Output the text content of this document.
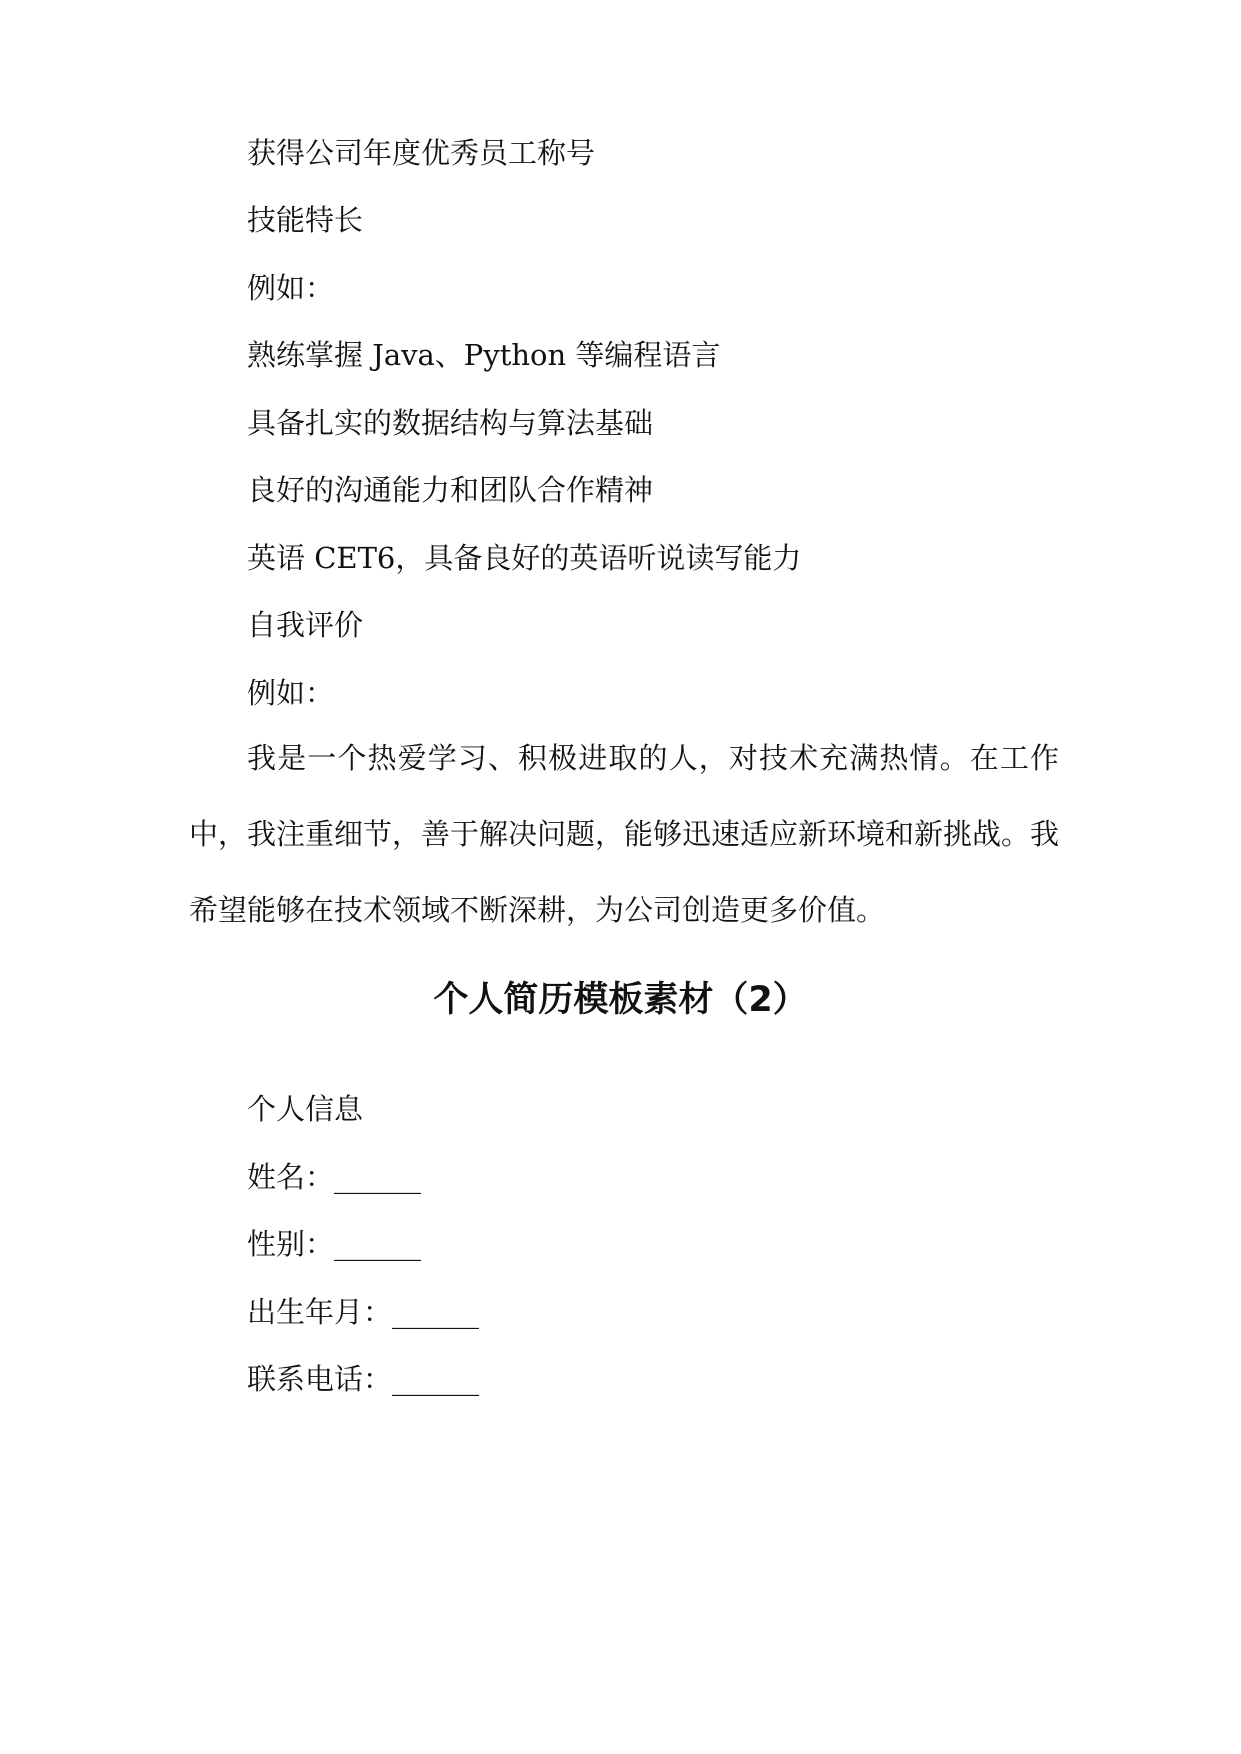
获得公司年度优秀员工称号
技能特长
例如：
熟练掌握 Java、Python 等编程语言
具备扎实的数据结构与算法基础
良好的沟通能力和团队合作精神
英语 CET6，具备良好的英语听说读写能力
自我评价
例如：
我是一个热爱学习、积极进取的人，对技术充满热情。在工作中，我注重细节，善于解决问题，能够迅速适应新环境和新挑战。我希望能够在技术领域不断深耕，为公司创造更多价值。
个人简历模板素材（2）
个人信息
姓名：______
性别：______
出生年月：______
联系电话：______
